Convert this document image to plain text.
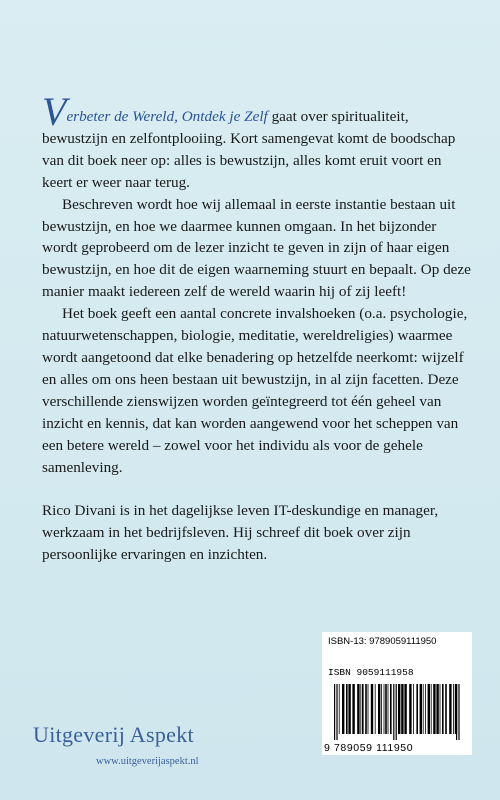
Verbeter de Wereld, Ontdek je Zelf gaat over spiritualiteit, bewustzijn en zelfontplooiing. Kort samengevat komt de boodschap van dit boek neer op: alles is bewustzijn, alles komt eruit voort en keert er weer naar terug.

Beschreven wordt hoe wij allemaal in eerste instantie bestaan uit bewustzijn, en hoe we daarmee kunnen omgaan. In het bijzonder wordt geprobeerd om de lezer inzicht te geven in zijn of haar eigen bewustzijn, en hoe dit de eigen waarneming stuurt en bepaalt. Op deze manier maakt iedereen zelf de wereld waarin hij of zij leeft!

Het boek geeft een aantal concrete invalshoeken (o.a. psychologie, natuurwetenschappen, biologie, meditatie, wereldreligies) waarmee wordt aangetoond dat elke benadering op hetzelfde neerkomt: wijzelf en alles om ons heen bestaan uit bewustzijn, in al zijn facetten. Deze verschillende zienswijzen worden geïntegreerd tot één geheel van inzicht en kennis, dat kan worden aangewend voor het scheppen van een betere wereld – zowel voor het individu als voor de gehele samenleving.

Rico Divani is in het dagelijkse leven IT-deskundige en manager, werkzaam in het bedrijfsleven. Hij schreef dit boek over zijn persoonlijke ervaringen en inzichten.

ISBN-13: 9789059111950
ISBN 9059111958
9 789059 111950
Uitgeverij Aspekt
www.uitgeverijaspekt.nl
